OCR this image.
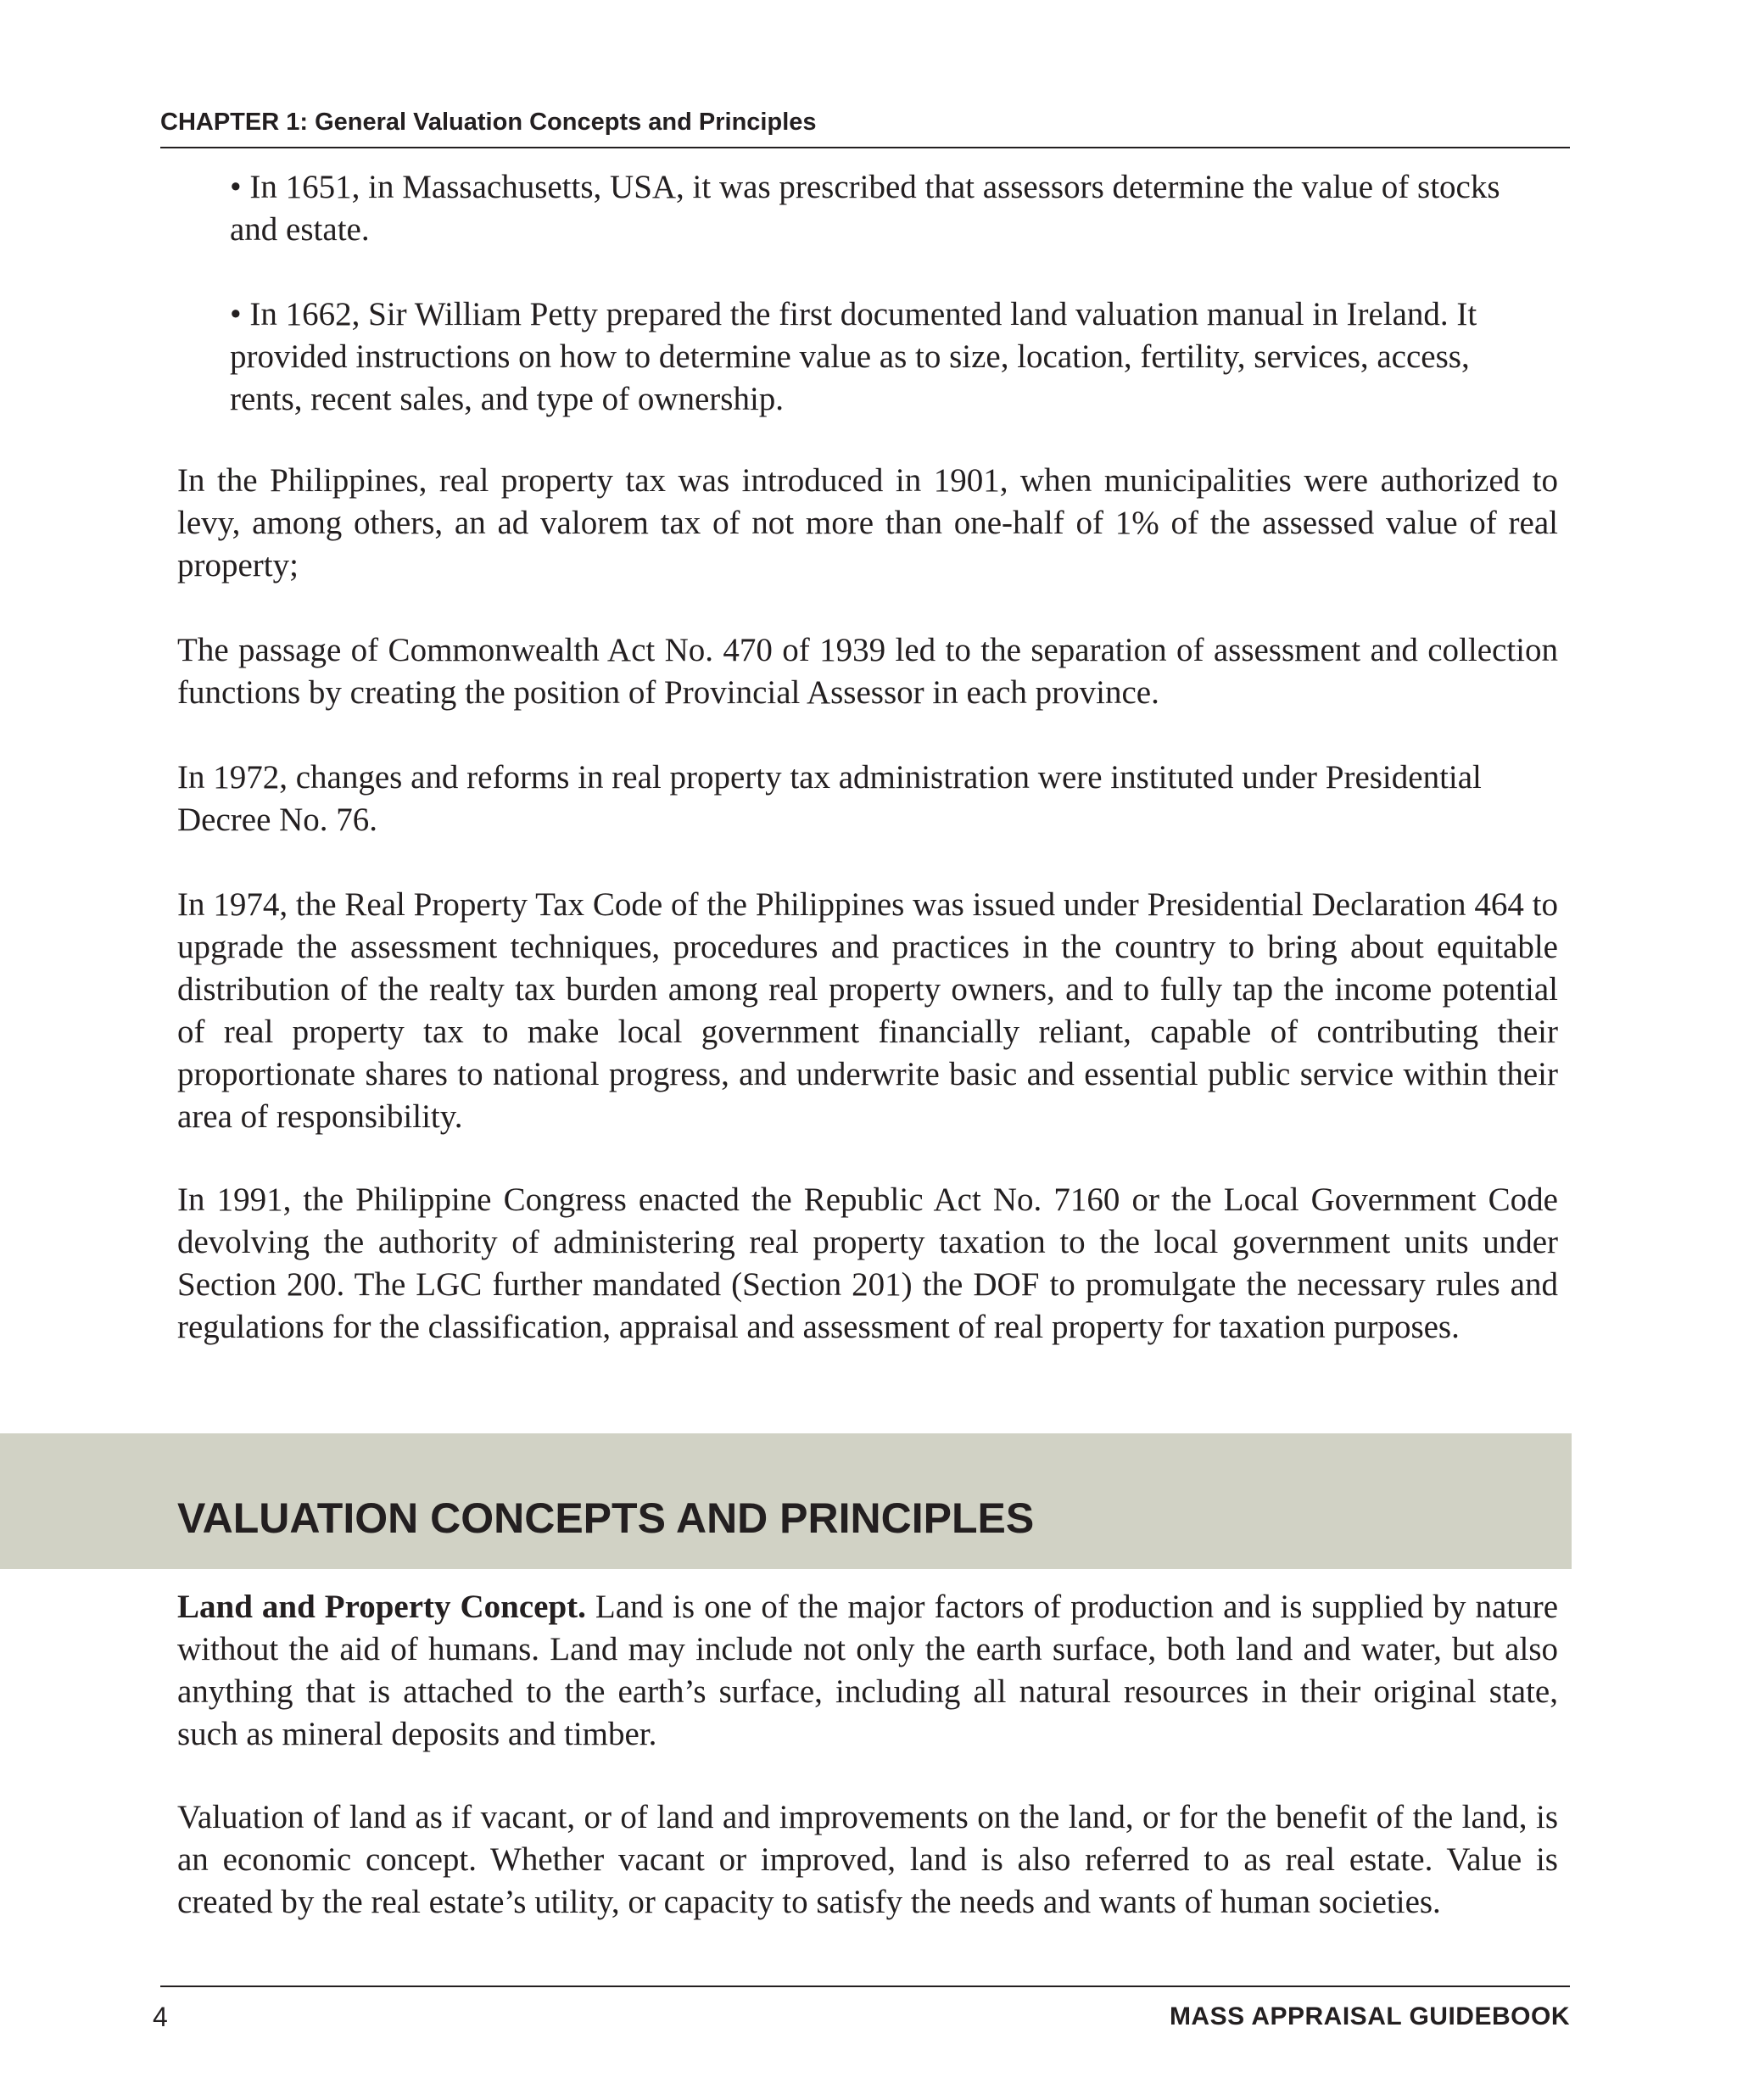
CHAPTER 1: General Valuation Concepts and Principles
• In 1651, in Massachusetts, USA, it was prescribed that assessors determine the value of stocks and estate.
• In 1662, Sir William Petty prepared the first documented land valuation manual in Ireland. It provided instructions on how to determine value as to size, location, fertility, services, access, rents, recent sales, and type of ownership.
In the Philippines, real property tax was introduced in 1901, when municipalities were authorized to levy, among others, an ad valorem tax of not more than one-half of 1% of the assessed value of real property;
The passage of Commonwealth Act No. 470 of 1939 led to the separation of assessment and collection functions by creating the position of Provincial Assessor in each province.
In 1972, changes and reforms in real property tax administration were instituted under Presidential Decree No. 76.
In 1974, the Real Property Tax Code of the Philippines was issued under Presidential Declaration 464 to upgrade the assessment techniques, procedures and practices in the country to bring about equitable distribution of the realty tax burden among real property owners, and to fully tap the income potential of real property tax to make local government financially reliant, capable of contributing their proportionate shares to national progress, and underwrite basic and essential public service within their area of responsibility.
In 1991, the Philippine Congress enacted the Republic Act No. 7160 or the Local Government Code devolving the authority of administering real property taxation to the local government units under Section 200. The LGC further mandated (Section 201) the DOF to promulgate the necessary rules and regulations for the classification, appraisal and assessment of real property for taxation purposes.
VALUATION CONCEPTS AND PRINCIPLES
Land and Property Concept. Land is one of the major factors of production and is supplied by nature without the aid of humans. Land may include not only the earth surface, both land and water, but also anything that is attached to the earth’s surface, including all natural resources in their original state, such as mineral deposits and timber.
Valuation of land as if vacant, or of land and improvements on the land, or for the benefit of the land, is an economic concept. Whether vacant or improved, land is also referred to as real estate. Value is created by the real estate’s utility, or capacity to satisfy the needs and wants of human societies.
4	MASS APPRAISAL GUIDEBOOK
